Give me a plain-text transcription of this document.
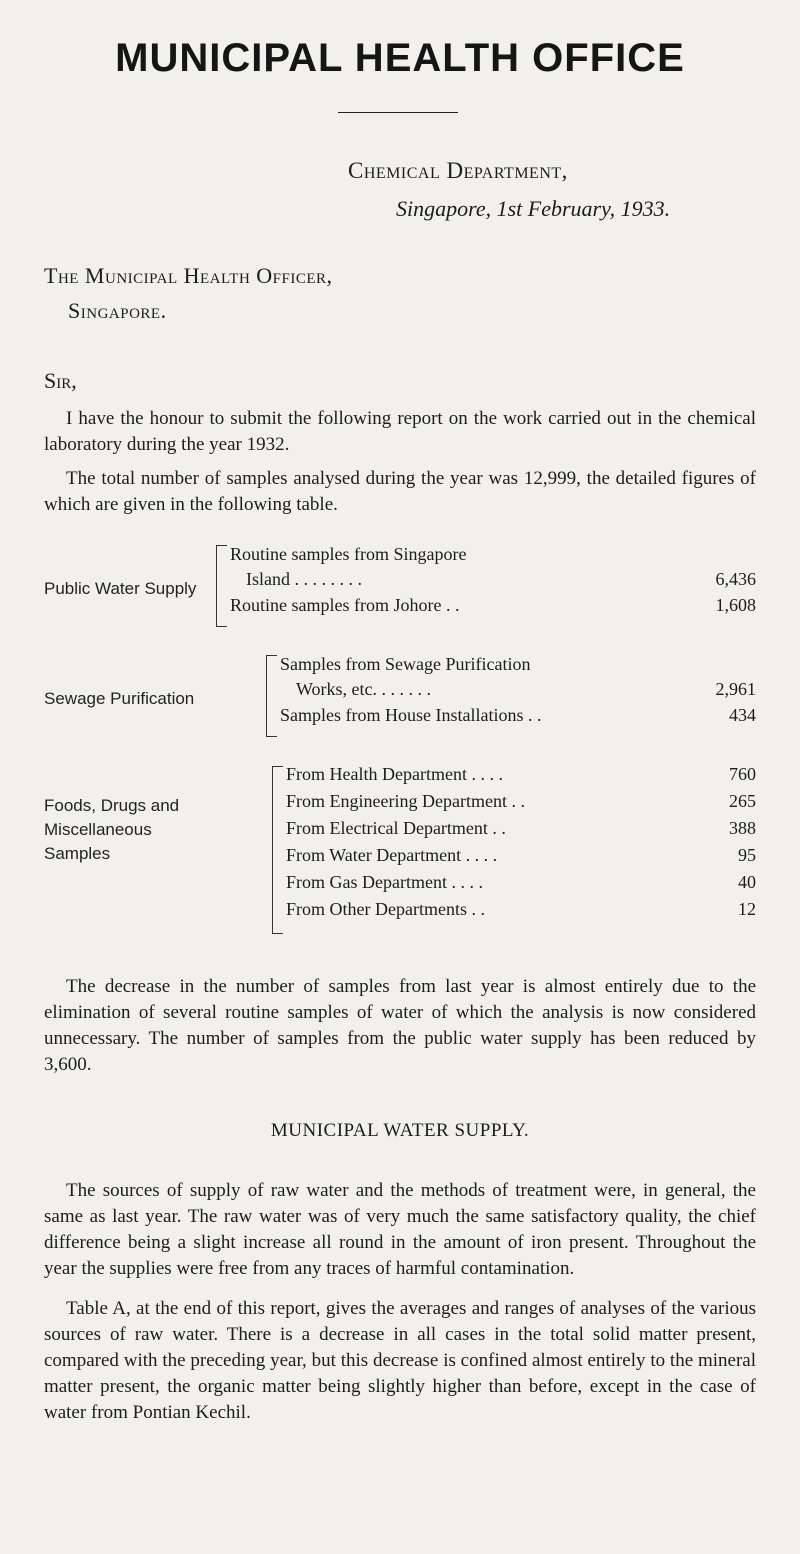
MUNICIPAL HEALTH OFFICE
Chemical Department,
Singapore, 1st February, 1933.
The Municipal Health Officer,
Singapore.
Sir,

I have the honour to submit the following report on the work carried out in the chemical laboratory during the year 1932.

The total number of samples analysed during the year was 12,999, the detailed figures of which are given in the following table.

Public Water Supply
Routine samples from Singapore
Island . . . . . . . .	6,436
Routine samples from Johore . .	1,608
Sewage Purification
Samples from Sewage Purification
Works, etc. . . . . . .	2,961
Samples from House Installations . .	434
Foods, Drugs and
Miscellaneous
Samples
From Health Department . . . .	760
From Engineering Department . .	265
From Electrical Department . .	388
From Water Department . . . .	95
From Gas Department . . . .	40
From Other Departments . .	12

The decrease in the number of samples from last year is almost entirely due to the elimination of several routine samples of water of which the analysis is now considered unnecessary. The number of samples from the public water supply has been reduced by 3,600.

MUNICIPAL WATER SUPPLY.

The sources of supply of raw water and the methods of treatment were, in general, the same as last year. The raw water was of very much the same satisfactory quality, the chief difference being a slight increase all round in the amount of iron present. Throughout the year the supplies were free from any traces of harmful contamination.

Table A, at the end of this report, gives the averages and ranges of analyses of the various sources of raw water. There is a decrease in all cases in the total solid matter present, compared with the preceding year, but this decrease is confined almost entirely to the mineral matter present, the organic matter being slightly higher than before, except in the case of water from Pontian Kechil.
